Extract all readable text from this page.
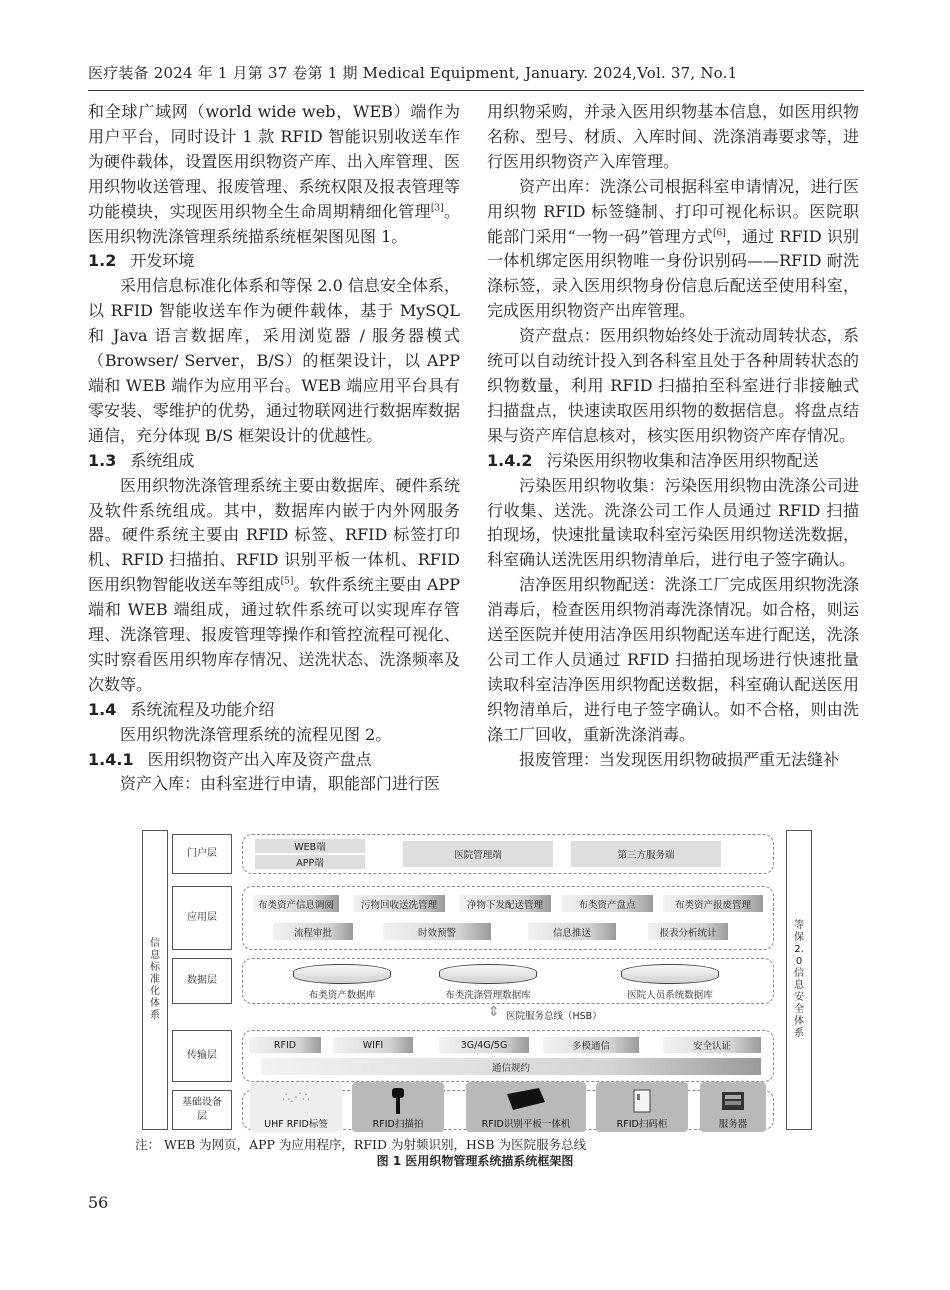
医疗装备 2024 年 1 月第 37 卷第 1 期 Medical Equipment, January. 2024,Vol. 37, No.1

和全球广域网（world wide web，WEB）端作为用户平台，同时设计 1 款 RFID 智能识别收送车作为硬件载体，设置医用织物资产库、出入库管理、医用织物收送管理、报废管理、系统权限及报表管理等功能模块，实现医用织物全生命周期精细化管理[3]。医用织物洗涤管理系统描系统框架图见图 1。

1.2 开发环境

采用信息标准化体系和等保 2.0 信息安全体系，以 RFID 智能收送车作为硬件载体，基于 MySQL 和 Java 语言数据库，采用浏览器 / 服务器模式（Browser/ Server，B/S）的框架设计，以 APP 端和 WEB 端作为应用平台。WEB 端应用平台具有零安装、零维护的优势，通过物联网进行数据库数据通信，充分体现 B/S 框架设计的优越性。

1.3 系统组成

医用织物洗涤管理系统主要由数据库、硬件系统及软件系统组成。其中，数据库内嵌于内外网服务器。硬件系统主要由 RFID 标签、RFID 标签打印机、RFID 扫描拍、RFID 识别平板一体机、RFID 医用织物智能收送车等组成[5]。软件系统主要由 APP 端和 WEB 端组成，通过软件系统可以实现库存管理、洗涤管理、报废管理等操作和管控流程可视化、实时察看医用织物库存情况、送洗状态、洗涤频率及次数等。

1.4 系统流程及功能介绍

医用织物洗涤管理系统的流程见图 2。

1.4.1 医用织物资产出入库及资产盘点

资产入库：由科室进行申请，职能部门进行医

用织物采购，并录入医用织物基本信息，如医用织物名称、型号、材质、入库时间、洗涤消毒要求等，进行医用织物资产入库管理。

资产出库：洗涤公司根据科室申请情况，进行医用织物 RFID 标签缝制、打印可视化标识。医院职能部门采用“一物一码”管理方式[6]，通过 RFID 识别一体机绑定医用织物唯一身份识别码——RFID 耐洗涤标签，录入医用织物身份信息后配送至使用科室，完成医用织物资产出库管理。

资产盘点：医用织物始终处于流动周转状态，系统可以自动统计投入到各科室且处于各种周转状态的织物数量，利用 RFID 扫描拍至科室进行非接触式扫描盘点，快速读取医用织物的数据信息。将盘点结果与资产库信息核对，核实医用织物资产库存情况。

1.4.2 污染医用织物收集和洁净医用织物配送

污染医用织物收集：污染医用织物由洗涤公司进行收集、送洗。洗涤公司工作人员通过 RFID 扫描拍现场，快速批量读取科室污染医用织物送洗数据，科室确认送洗医用织物清单后，进行电子签字确认。

洁净医用织物配送：洗涤工厂完成医用织物洗涤消毒后，检查医用织物消毒洗涤情况。如合格，则运送至医院并使用洁净医用织物配送车进行配送，洗涤公司工作人员通过 RFID 扫描拍现场进行快速批量读取科室洁净医用织物配送数据，科室确认配送医用织物清单后，进行电子签字确认。如不合格，则由洗涤工厂回收，重新洗涤消毒。

报废管理：当发现医用织物破损严重无法缝补

信息标准化体系
等保2.0信息安全体系
门户层
WEB端
APP端
医院管理端	第三方服务端
应用层
布类资产信息调阅	污物回收送洗管理	净物下发配送管理	布类资产盘点	布类资产报废管理
流程审批	时效预警	信息推送	报表分析统计
数据层
布类资产数据库	布类洗涤管理数据库	医院人员系统数据库
⇕ 医院服务总线（HSB）
传输层
RFID	WIFI	3G/4G/5G	多模通信	安全认证
通信规约
基础设备层
∴⋰∴
UHF RFID标签	RFID扫描拍	RFID识别平板一体机	RFID扫码柜	服务器
注： WEB 为网页，APP 为应用程序，RFID 为射频识别，HSB 为医院服务总线
图 1 医用织物管理系统描系统框架图
56
